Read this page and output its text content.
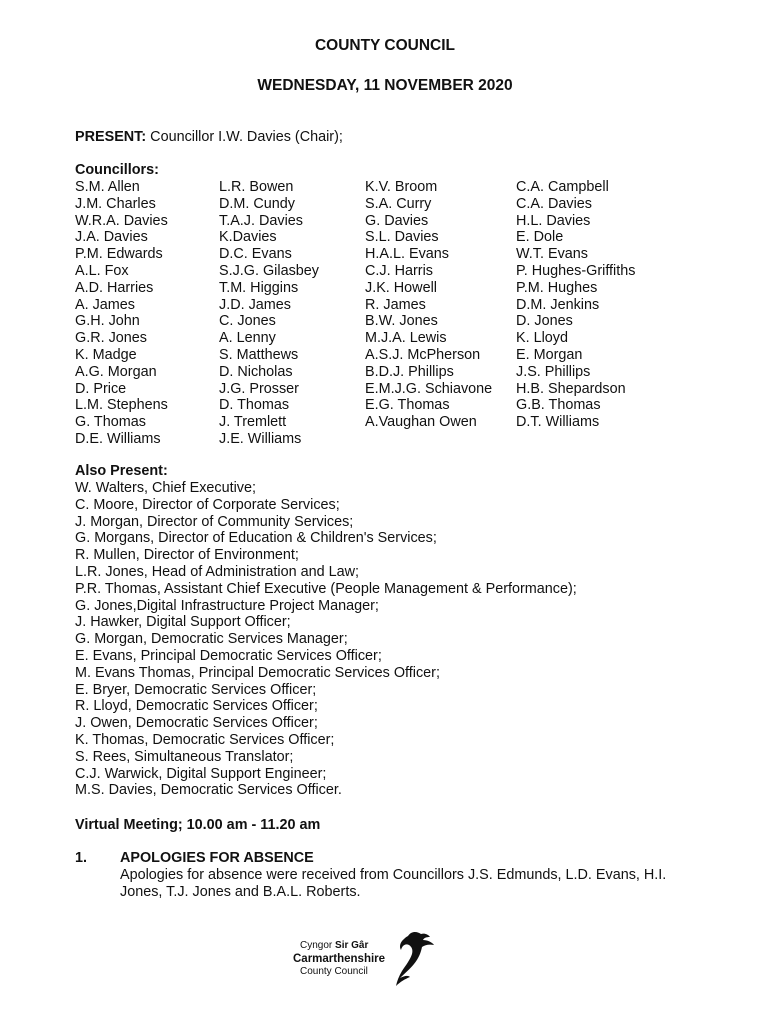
COUNTY COUNCIL
WEDNESDAY, 11 NOVEMBER 2020
PRESENT: Councillor I.W. Davies (Chair);
Councillors:
S.M. Allen
J.M. Charles
W.R.A. Davies
J.A. Davies
P.M. Edwards
A.L. Fox
A.D. Harries
A. James
G.H. John
G.R. Jones
K. Madge
A.G. Morgan
D. Price
L.M. Stephens
G. Thomas
D.E. Williams
L.R. Bowen
D.M. Cundy
T.A.J. Davies
K.Davies
D.C. Evans
S.J.G. Gilasbey
T.M. Higgins
J.D. James
C. Jones
A. Lenny
S. Matthews
D. Nicholas
J.G. Prosser
D. Thomas
J. Tremlett
J.E. Williams
K.V. Broom
S.A. Curry
G. Davies
S.L. Davies
H.A.L. Evans
C.J. Harris
J.K. Howell
R. James
B.W. Jones
M.J.A. Lewis
A.S.J. McPherson
B.D.J. Phillips
E.M.J.G. Schiavone
E.G. Thomas
A.Vaughan Owen
C.A. Campbell
C.A. Davies
H.L. Davies
E. Dole
W.T. Evans
P. Hughes-Griffiths
P.M. Hughes
D.M. Jenkins
D. Jones
K. Lloyd
E. Morgan
J.S. Phillips
H.B. Shepardson
G.B. Thomas
D.T. Williams
Also Present:
W. Walters, Chief Executive;
C. Moore, Director of Corporate Services;
J. Morgan, Director of Community Services;
G. Morgans, Director of Education & Children's Services;
R. Mullen, Director of Environment;
L.R. Jones, Head of Administration and Law;
P.R. Thomas, Assistant Chief Executive (People Management & Performance);
G. Jones,Digital Infrastructure Project Manager;
J. Hawker, Digital Support Officer;
G. Morgan, Democratic Services Manager;
E. Evans, Principal Democratic Services Officer;
M. Evans Thomas, Principal Democratic Services Officer;
E. Bryer, Democratic Services Officer;
R. Lloyd, Democratic Services Officer;
J. Owen, Democratic Services Officer;
K. Thomas, Democratic Services Officer;
S. Rees, Simultaneous Translator;
C.J. Warwick, Digital Support Engineer;
M.S. Davies, Democratic Services Officer.
Virtual Meeting; 10.00 am - 11.20 am
1. APOLOGIES FOR ABSENCE
Apologies for absence were received from Councillors J.S. Edmunds, L.D. Evans, H.I. Jones, T.J. Jones and B.A.L. Roberts.
Cyngor Sir Gâr
Carmarthenshire
County Council
